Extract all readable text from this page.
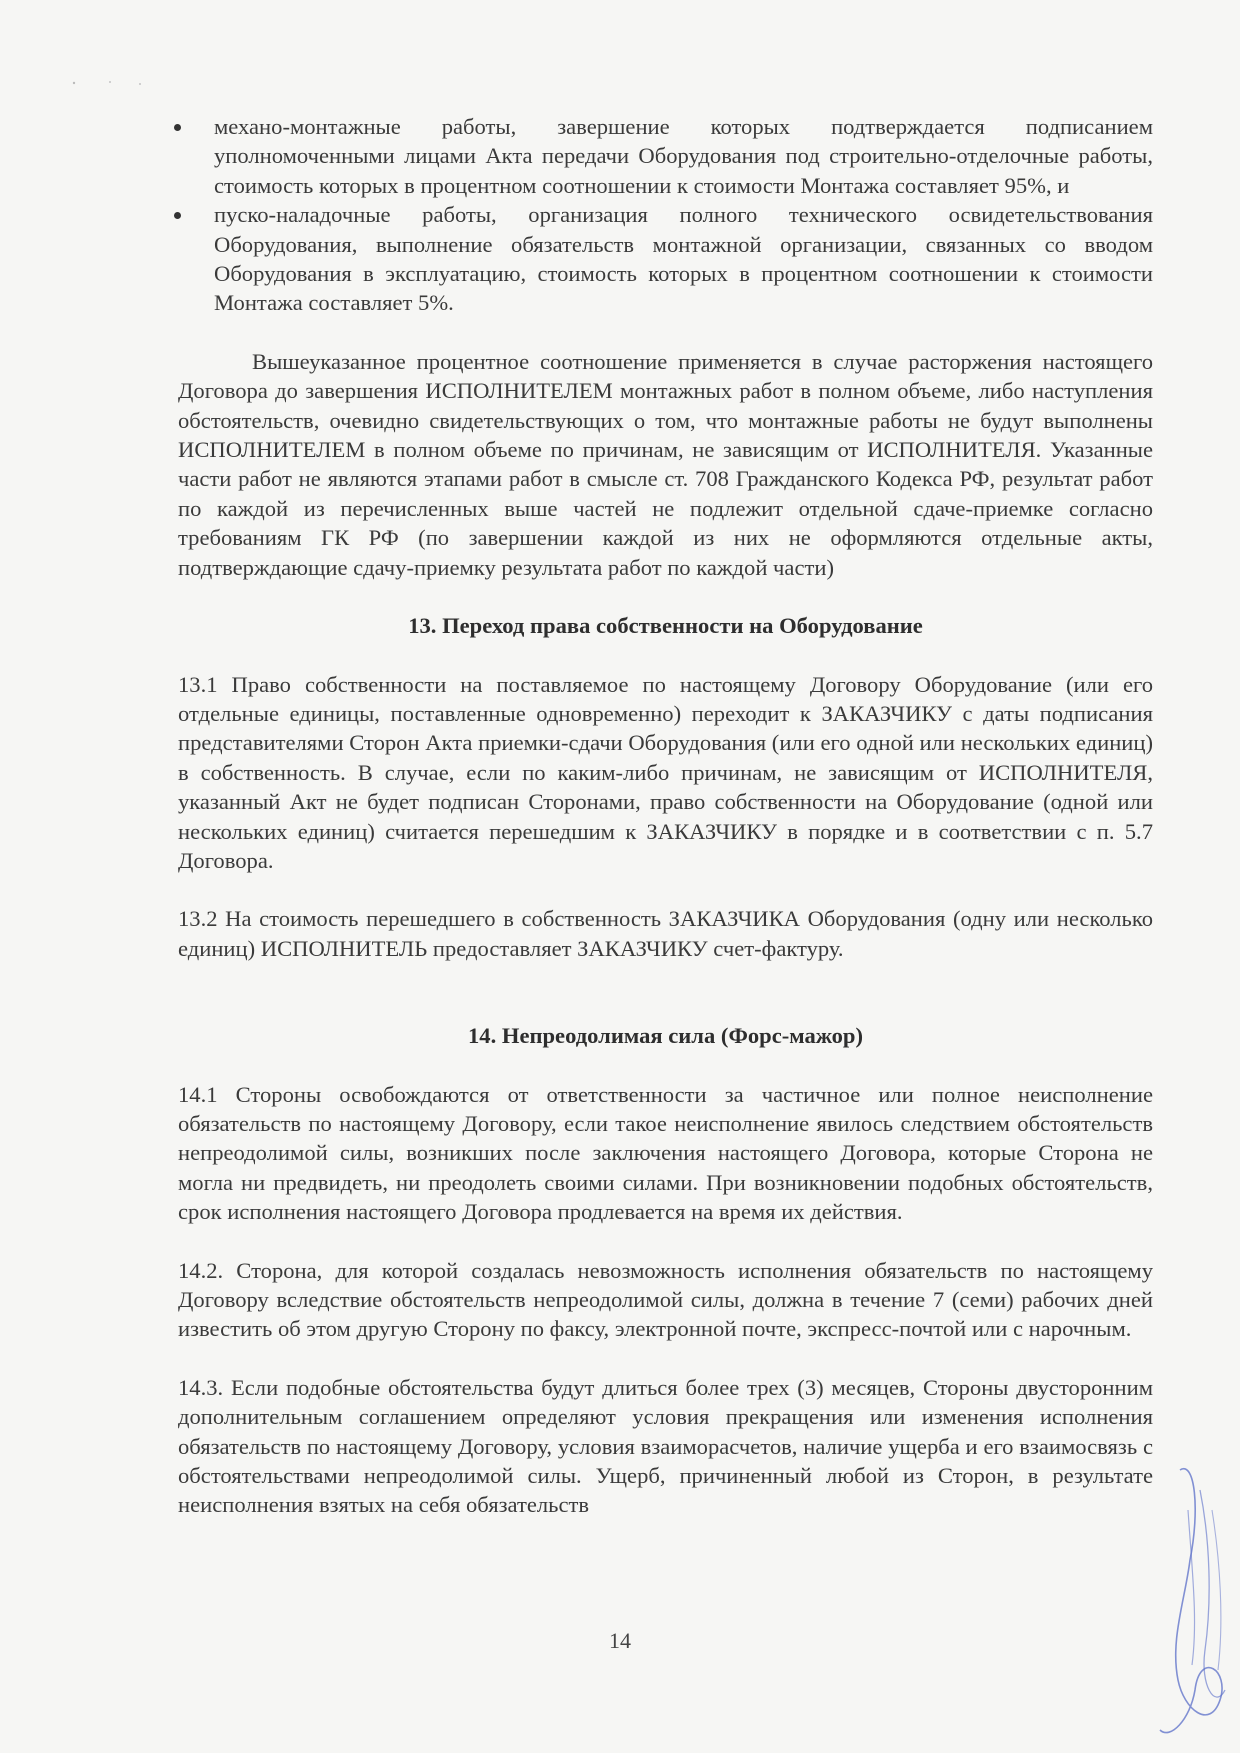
механо-монтажные работы, завершение которых подтверждается подписанием уполномоченными лицами Акта передачи Оборудования под строительно-отделочные работы, стоимость которых в процентном соотношении к стоимости Монтажа составляет 95%, и
пуско-наладочные работы, организация полного технического освидетельствования Оборудования, выполнение обязательств монтажной организации, связанных со вводом Оборудования в эксплуатацию, стоимость которых в процентном соотношении к стоимости Монтажа составляет 5%.

Вышеуказанное процентное соотношение применяется в случае расторжения настоящего Договора до завершения ИСПОЛНИТЕЛЕМ монтажных работ в полном объеме, либо наступления обстоятельств, очевидно свидетельствующих о том, что монтажные работы не будут выполнены ИСПОЛНИТЕЛЕМ в полном объеме по причинам, не зависящим от ИСПОЛНИТЕЛЯ. Указанные части работ не являются этапами работ в смысле ст. 708 Гражданского Кодекса РФ, результат работ по каждой из перечисленных выше частей не подлежит отдельной сдаче-приемке согласно требованиям ГК РФ (по завершении каждой из них не оформляются отдельные акты, подтверждающие сдачу-приемку результата работ по каждой части)

13. Переход права собственности на Оборудование

13.1 Право собственности на поставляемое по настоящему Договору Оборудование (или его отдельные единицы, поставленные одновременно) переходит к ЗАКАЗЧИКУ с даты подписания представителями Сторон Акта приемки-сдачи Оборудования (или его одной или нескольких единиц) в собственность. В случае, если по каким-либо причинам, не зависящим от ИСПОЛНИТЕЛЯ, указанный Акт не будет подписан Сторонами, право собственности на Оборудование (одной или нескольких единиц) считается перешедшим к ЗАКАЗЧИКУ в порядке и в соответствии с п. 5.7 Договора.

13.2 На стоимость перешедшего в собственность ЗАКАЗЧИКА Оборудования (одну или несколько единиц) ИСПОЛНИТЕЛЬ предоставляет ЗАКАЗЧИКУ счет-фактуру.

14. Непреодолимая сила (Форс-мажор)

14.1 Стороны освобождаются от ответственности за частичное или полное неисполнение обязательств по настоящему Договору, если такое неисполнение явилось следствием обстоятельств непреодолимой силы, возникших после заключения настоящего Договора, которые Сторона не могла ни предвидеть, ни преодолеть своими силами. При возникновении подобных обстоятельств, срок исполнения настоящего Договора продлевается на время их действия.

14.2. Сторона, для которой создалась невозможность исполнения обязательств по настоящему Договору вследствие обстоятельств непреодолимой силы, должна в течение 7 (семи) рабочих дней известить об этом другую Сторону по факсу, электронной почте, экспресс-почтой или с нарочным.

14.3. Если подобные обстоятельства будут длиться более трех (3) месяцев, Стороны двусторонним дополнительным соглашением определяют условия прекращения или изменения исполнения обязательств по настоящему Договору, условия взаиморасчетов, наличие ущерба и его взаимосвязь с обстоятельствами непреодолимой силы. Ущерб, причиненный любой из Сторон, в результате неисполнения взятых на себя обязательств

14
